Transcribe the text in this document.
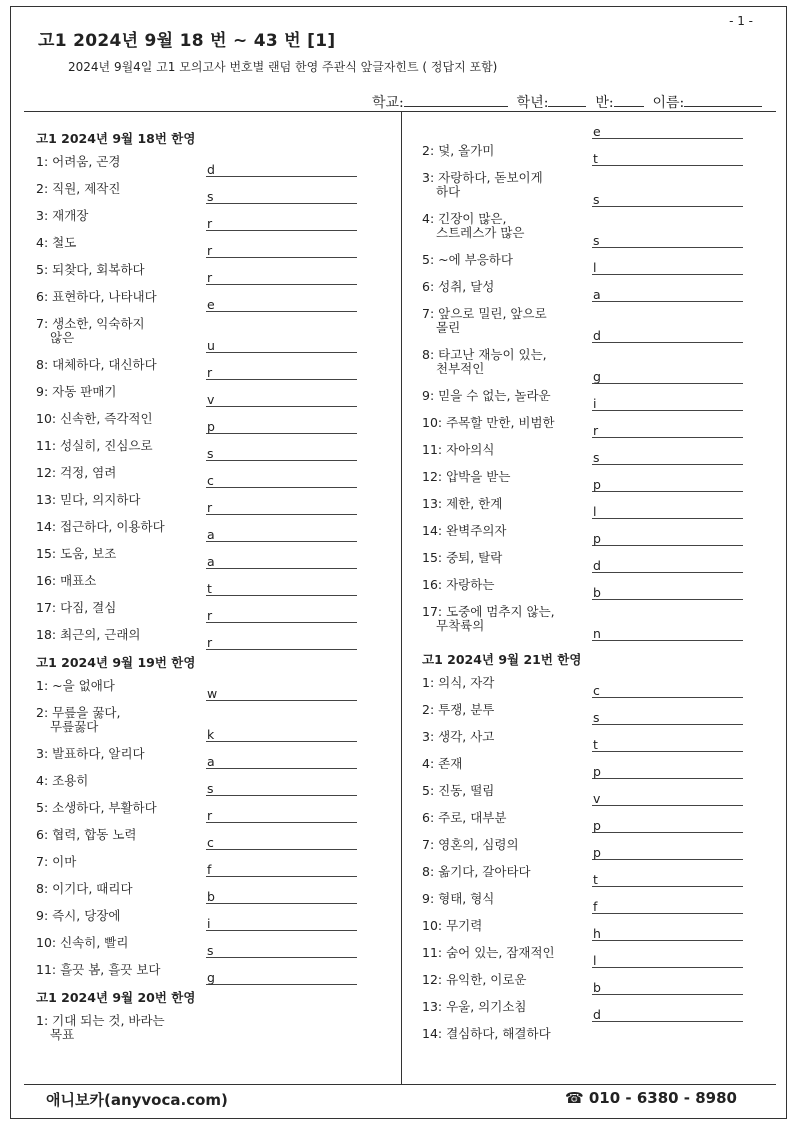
- 1 -
고1 2024년 9월 18 번 ~ 43 번 [1]
2024년 9월4일 고1 모의고사 번호별 랜덤 한영 주관식 앞글자힌트 ( 정답지 포함)
학교:	학년:	반:	이름:
고1 2024년 9월 18번 한영
1: 어려움, 곤경
d
2: 직원, 제작진
s
3: 재개장
r
4: 철도
r
5: 되찾다, 회복하다
r
6: 표현하다, 나타내다
e
7: 생소한, 익숙하지
않은
u
8: 대체하다, 대신하다
r
9: 자동 판매기
v
10: 신속한, 즉각적인
p
11: 성실히, 진심으로
s
12: 걱정, 염려
c
13: 믿다, 의지하다
r
14: 접근하다, 이용하다
a
15: 도움, 보조
a
16: 매표소
t
17: 다짐, 결심
r
18: 최근의, 근래의
r
고1 2024년 9월 19번 한영
1: ~을 없애다
w
2: 무릎을 꿇다,
무릎꿇다
k
3: 발표하다, 알리다
a
4: 조용히
s
5: 소생하다, 부활하다
r
6: 협력, 합동 노력
c
7: 이마
f
8: 이기다, 때리다
b
9: 즉시, 당장에
i
10: 신속히, 빨리
s
11: 흘끗 봄, 흘끗 보다
g
고1 2024년 9월 20번 한영
1: 기대 되는 것, 바라는
목표
e
2: 덫, 올가미
t
3: 자랑하다, 돋보이게
하다
s
4: 긴장이 많은,
스트레스가 많은
s
5: ~에 부응하다
l
6: 성취, 달성
a
7: 앞으로 밀린, 앞으로
몰린
d
8: 타고난 재능이 있는,
천부적인
g
9: 믿을 수 없는, 놀라운
i
10: 주목할 만한, 비범한
r
11: 자아의식
s
12: 압박을 받는
p
13: 제한, 한계
l
14: 완벽주의자
p
15: 중퇴, 탈락
d
16: 자랑하는
b
17: 도중에 멈추지 않는,
무착륙의
n
고1 2024년 9월 21번 한영
1: 의식, 자각
c
2: 투쟁, 분투
s
3: 생각, 사고
t
4: 존재
p
5: 진동, 떨림
v
6: 주로, 대부분
p
7: 영혼의, 심령의
p
8: 옮기다, 갈아타다
t
9: 형태, 형식
f
10: 무기력
h
11: 숨어 있는, 잠재적인
l
12: 유익한, 이로운
b
13: 우울, 의기소침
d
14: 결심하다, 해결하다
애니보카(anyvoca.com)	☎ 010 - 6380 - 8980
